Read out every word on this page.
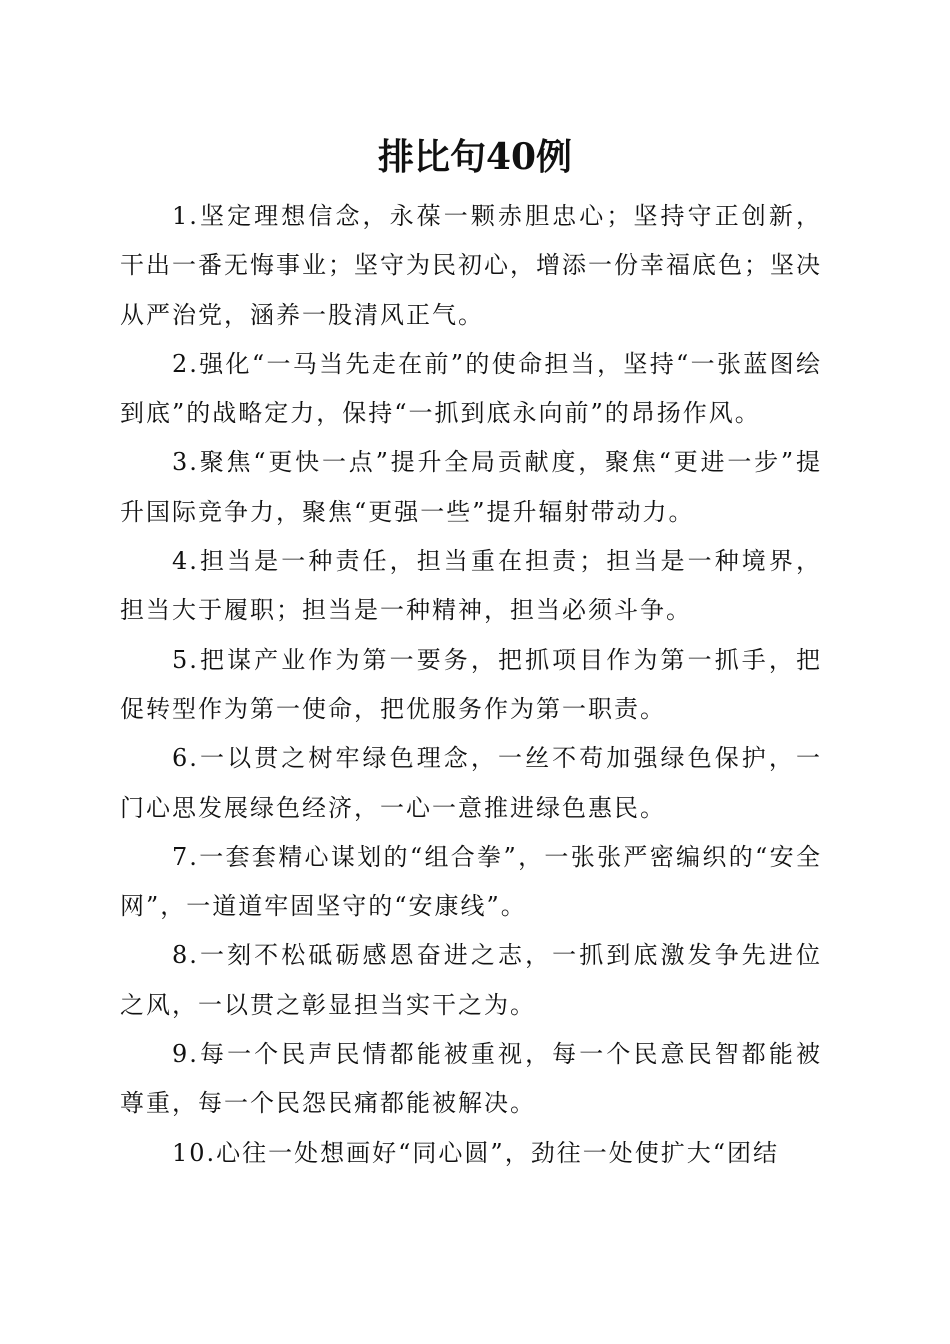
排比句40例

1.坚定理想信念，永葆一颗赤胆忠心；坚持守正创新，干出一番无悔事业；坚守为民初心，增添一份幸福底色；坚决从严治党，涵养一股清风正气。

2.强化“一马当先走在前”的使命担当，坚持“一张蓝图绘到底”的战略定力，保持“一抓到底永向前”的昂扬作风。

3.聚焦“更快一点”提升全局贡献度，聚焦“更进一步”提升国际竞争力，聚焦“更强一些”提升辐射带动力。

4.担当是一种责任，担当重在担责；担当是一种境界，担当大于履职；担当是一种精神，担当必须斗争。

5.把谋产业作为第一要务，把抓项目作为第一抓手，把促转型作为第一使命，把优服务作为第一职责。

6.一以贯之树牢绿色理念，一丝不苟加强绿色保护，一门心思发展绿色经济，一心一意推进绿色惠民。

7.一套套精心谋划的“组合拳”，一张张严密编织的“安全网”，一道道牢固坚守的“安康线”。

8.一刻不松砥砺感恩奋进之志，一抓到底激发争先进位之风，一以贯之彰显担当实干之为。

9.每一个民声民情都能被重视，每一个民意民智都能被尊重，每一个民怨民痛都能被解决。

10.心往一处想画好“同心圆”，劲往一处使扩大“团结
